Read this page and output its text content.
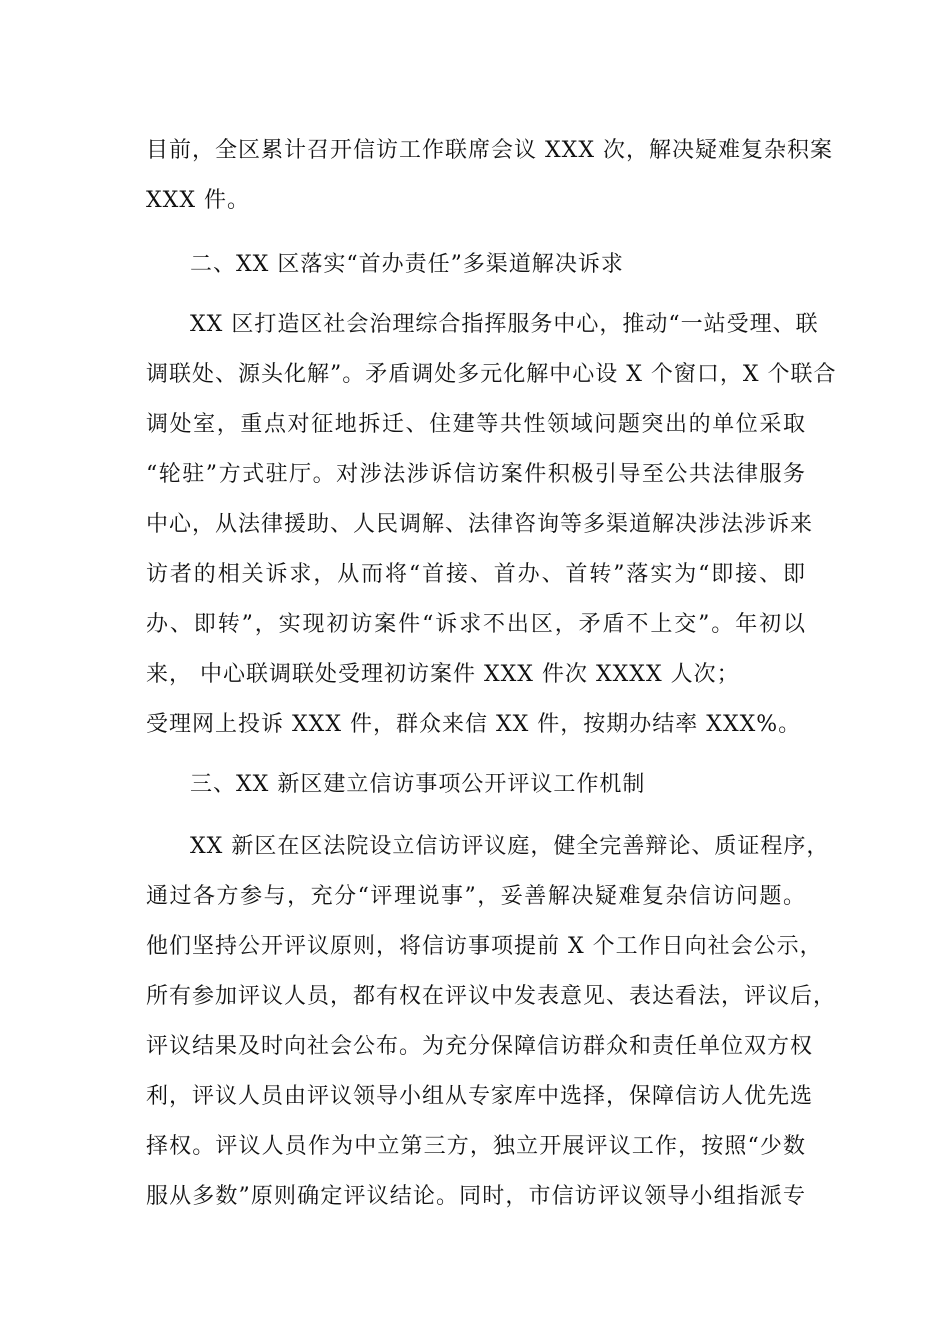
目前，全区累计召开信访工作联席会议 XXX 次，解决疑难复杂积案
XXX 件。
二、XX 区落实“首办责任”多渠道解决诉求
XX 区打造区社会治理综合指挥服务中心，推动“一站受理、联
调联处、源头化解”。矛盾调处多元化解中心设 X 个窗口，X 个联合
调处室，重点对征地拆迁、住建等共性领域问题突出的单位采取
“轮驻”方式驻厅。对涉法涉诉信访案件积极引导至公共法律服务
中心，从法律援助、人民调解、法律咨询等多渠道解决涉法涉诉来
访者的相关诉求，从而将“首接、首办、首转”落实为“即接、即
办、即转”，实现初访案件“诉求不出区，矛盾不上交”。年初以
来， 中心联调联处受理初访案件 XXX 件次 XXXX 人次；
受理网上投诉 XXX 件，群众来信 XX 件，按期办结率 XXX%。
三、XX 新区建立信访事项公开评议工作机制
XX 新区在区法院设立信访评议庭，健全完善辩论、质证程序，
通过各方参与，充分“评理说事”，妥善解决疑难复杂信访问题。
他们坚持公开评议原则，将信访事项提前 X 个工作日向社会公示，
所有参加评议人员，都有权在评议中发表意见、表达看法，评议后，
评议结果及时向社会公布。为充分保障信访群众和责任单位双方权
利，评议人员由评议领导小组从专家库中选择，保障信访人优先选
择权。评议人员作为中立第三方，独立开展评议工作，按照“少数
服从多数”原则确定评议结论。同时，市信访评议领导小组指派专
